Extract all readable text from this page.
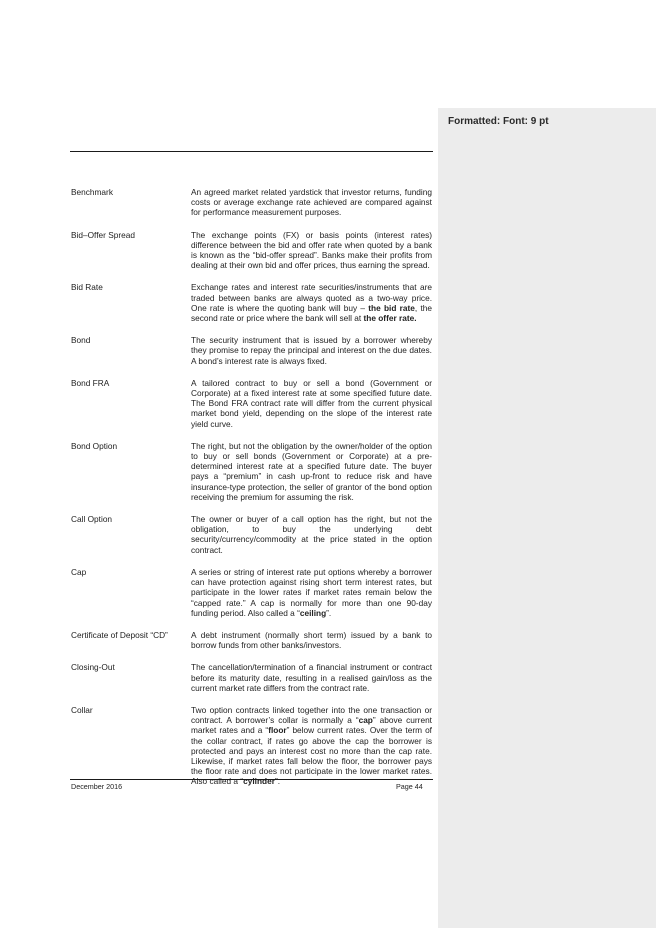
Formatted: Font: 9 pt
Benchmark	An agreed market related yardstick that investor returns, funding costs or average exchange rate achieved are compared against for performance measurement purposes.
Bid–Offer Spread	The exchange points (FX) or basis points (interest rates) difference between the bid and offer rate when quoted by a bank is known as the “bid-offer spread”. Banks make their profits from dealing at their own bid and offer prices, thus earning the spread.
Bid Rate	Exchange rates and interest rate securities/instruments that are traded between banks are always quoted as a two-way price. One rate is where the quoting bank will buy – the bid rate, the second rate or price where the bank will sell at the offer rate.
Bond	The security instrument that is issued by a borrower whereby they promise to repay the principal and interest on the due dates. A bond’s interest rate is always fixed.
Bond FRA	A tailored contract to buy or sell a bond (Government or Corporate) at a fixed interest rate at some specified future date. The Bond FRA contract rate will differ from the current physical market bond yield, depending on the slope of the interest rate yield curve.
Bond Option	The right, but not the obligation by the owner/holder of the option to buy or sell bonds (Government or Corporate) at a pre-determined interest rate at a specified future date. The buyer pays a “premium” in cash up-front to reduce risk and have insurance-type protection, the seller of grantor of the bond option receiving the premium for assuming the risk.
Call Option	The owner or buyer of a call option has the right, but not the obligation, to buy the underlying debt security/currency/commodity at the price stated in the option contract.
Cap	A series or string of interest rate put options whereby a borrower can have protection against rising short term interest rates, but participate in the lower rates if market rates remain below the “capped rate.” A cap is normally for more than one 90-day funding period. Also called a “ceiling”.
Certificate of Deposit “CD”	A debt instrument (normally short term) issued by a bank to borrow funds from other banks/investors.
Closing-Out	The cancellation/termination of a financial instrument or contract before its maturity date, resulting in a realised gain/loss as the current market rate differs from the contract rate.
Collar	Two option contracts linked together into the one transaction or contract. A borrower’s collar is normally a “cap” above current market rates and a “floor” below current rates. Over the term of the collar contract, if rates go above the cap the borrower is protected and pays an interest cost no more than the cap rate. Likewise, if market rates fall below the floor, the borrower pays the floor rate and does not participate in the lower market rates. Also called a “cylinder”.
December 2016	Page 44
